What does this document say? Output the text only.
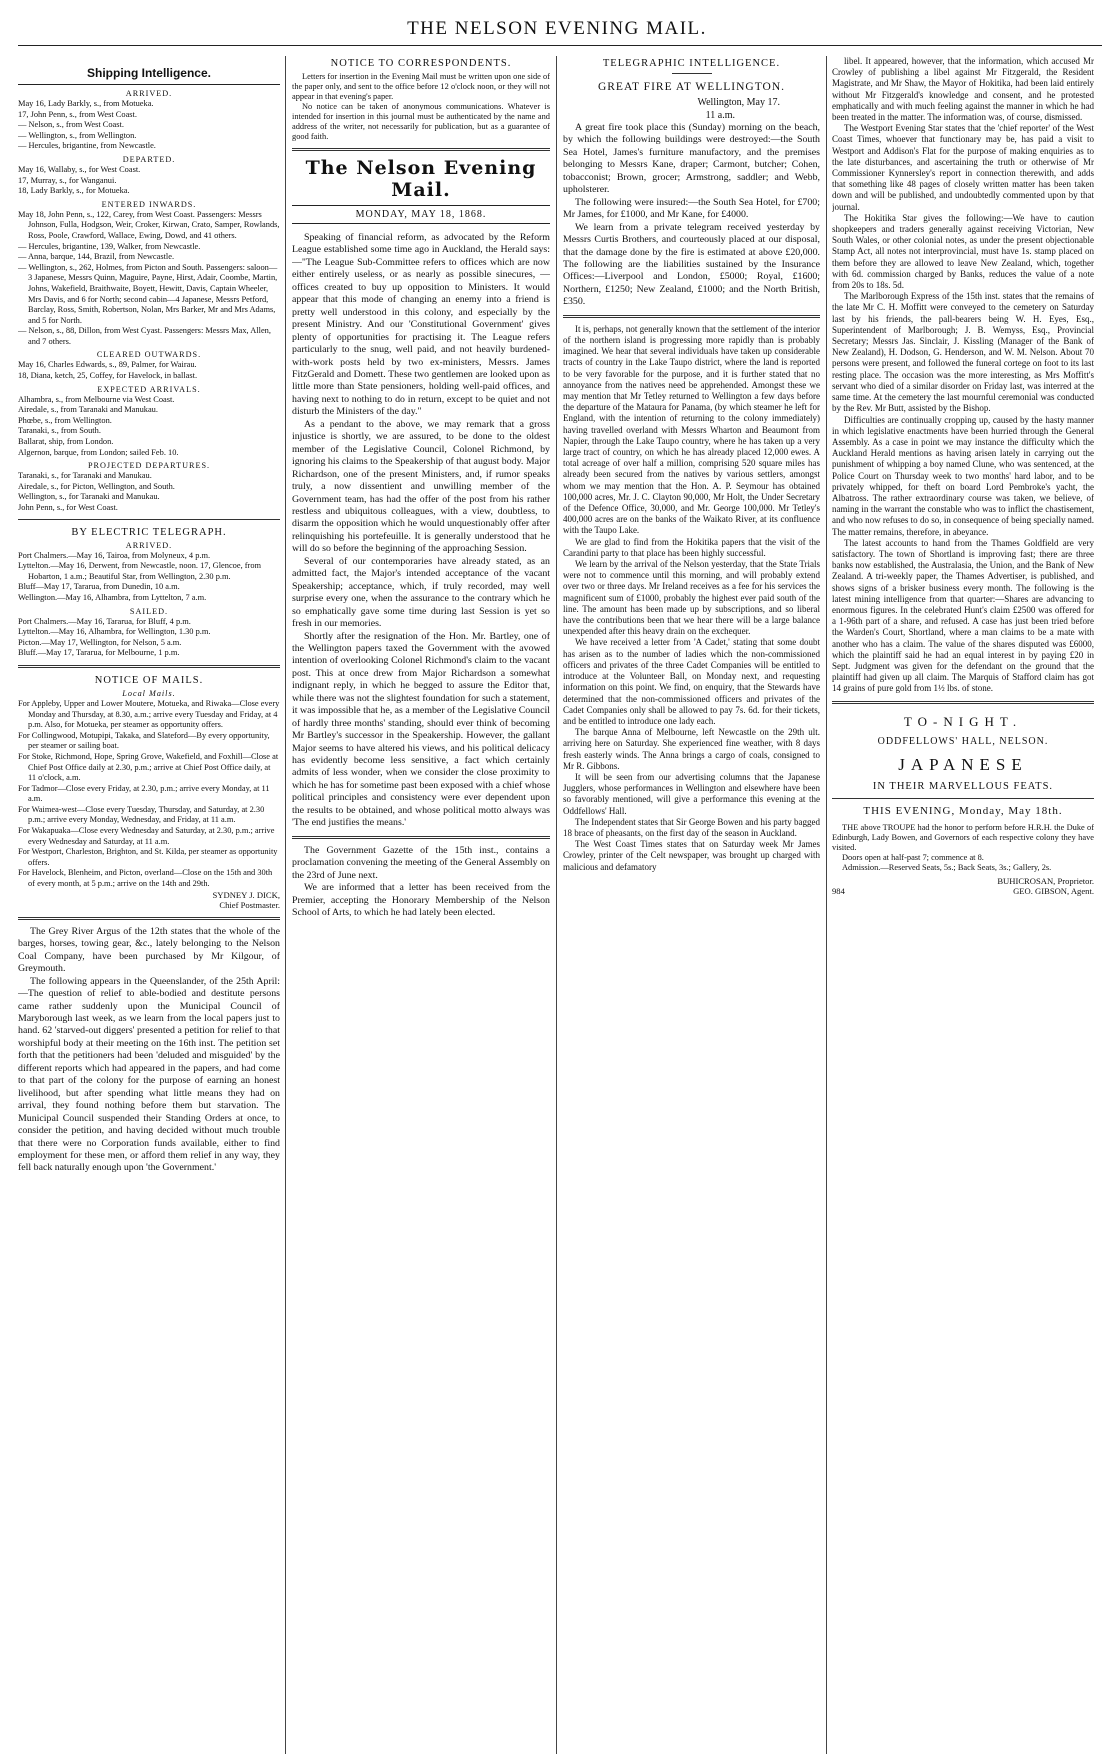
THE NELSON EVENING MAIL.
Shipping Intelligence.
ARRIVED.
May 16, Lady Barkly, s., from Motueka.
17, John Penn, s., from West Coast.
— Nelson, s., from West Coast.
— Wellington, s., from Wellington.
— Hercules, brigantine, from Newcastle.
DEPARTED.
May 16, Wallaby, s., for West Coast.
17, Murray, s., for Wanganui.
18, Lady Barkly, s., for Motueka.
ENTERED INWARDS.
May 18, John Penn, s., 122, Carey, from West Coast. Passengers: Messrs Johnson, Fulla, Hodgson, Weir, Croker, Kirwan, Crato, Samper, Rowlands, Ross, Poole, Crawford, Wallace, Ewing, Dowd, and 41 others.
— Hercules, brigantine, 139, Walker, from Newcastle.
— Anna, barque, 144, Brazil, from Newcastle.
— Wellington, s., 262, Holmes, from Picton and South. Passengers: saloon—3 Japanese, Messrs Quinn, Maguire, Payne, Hirst, Adair, Coombe, Martin, Johns, Wakefield, Braithwaite, Boyett, Hewitt, Davis, Captain Wheeler, Mrs Davis, and 6 for North; second cabin—4 Japanese, Messrs Petford, Barclay, Ross, Smith, Robertson, Nolan, Mrs Barker, Mr and Mrs Adams, and 5 for North.
— Nelson, s., 88, Dillon, from West Cyast. Passengers: Messrs Max, Allen, and 7 others.
CLEARED OUTWARDS.
May 16, Charles Edwards, s., 89, Palmer, for Wairau.
18, Diana, ketch, 25, Coffey, for Havelock, in ballast.
EXPECTED ARRIVALS.
Alhambra, s., from Melbourne via West Coast.
Airedale, s., from Taranaki and Manukau.
Phœbe, s., from Wellington.
Taranaki, s., from South.
Ballarat, ship, from London.
Algernon, barque, from London; sailed Feb. 10.
PROJECTED DEPARTURES.
Taranaki, s., for Taranaki and Manukau.
Airedale, s., for Picton, Wellington, and South.
Wellington, s., for Taranaki and Manukau.
John Penn, s., for West Coast.
BY ELECTRIC TELEGRAPH.
ARRIVED.
Port Chalmers.—May 16, Tairoa, from Molyneux, 4 p.m.
Lyttelton.—May 16, Derwent, from Newcastle, noon. 17, Glencoe, from Hobarton, 1 a.m.; Beautiful Star, from Wellington, 2.30 p.m.
Bluff—May 17, Tararua, from Dunedin, 10 a.m.
Wellington.—May 16, Alhambra, from Lyttelton, 7 a.m.
SAILED.
Port Chalmers.—May 16, Tararua, for Bluff, 4 p.m.
Lyttelton.—May 16, Alhambra, for Wellington, 1.30 p.m.
Picton.—May 17, Wellington, for Nelson, 5 a.m.
Bluff.—May 17, Tararua, for Melbourne, 1 p.m.
NOTICE OF MAILS.
Local Mails.
For Appleby, Upper and Lower Moutere, Motueka, and Riwaka—Close every Monday and Thursday, at 8.30, a.m.; arrive every Tuesday and Friday, at 4 p.m. Also, for Motueka, per steamer as opportunity offers.
For Collingwood, Motupipi, Takaka, and Slateford—By every opportunity, per steamer or sailing boat.
For Stoke, Richmond, Hope, Spring Grove, Wakefield, and Foxhill—Close at Chief Post Office daily at 2.30, p.m.; arrive at Chief Post Office daily, at 11 o'clock, a.m.
For Tadmor—Close every Friday, at 2.30, p.m.; arrive every Monday, at 11 a.m.
For Waimea-west—Close every Tuesday, Thursday, and Saturday, at 2.30 p.m.; arrive every Monday, Wednesday, and Friday, at 11 a.m.
For Wakapuaka—Close every Wednesday and Saturday, at 2.30, p.m.; arrive every Wednesday and Saturday, at 11 a.m.
For Westport, Charleston, Brighton, and St. Kilda, per steamer as opportunity offers.
For Havelock, Blenheim, and Picton, overland—Close on the 15th and 30th of every month, at 5 p.m.; arrive on the 14th and 29th.
SYDNEY J. DICK,
Chief Postmaster.

The Grey River Argus of the 12th states that the whole of the barges, horses, towing gear, &c., lately belonging to the Nelson Coal Company, have been purchased by Mr Kilgour, of Greymouth.

The following appears in the Queenslander, of the 25th April:—The question of relief to able-bodied and destitute persons came rather suddenly upon the Municipal Council of Maryborough last week, as we learn from the local papers just to hand. 62 'starved-out diggers' presented a petition for relief to that worshipful body at their meeting on the 16th inst. The petition set forth that the petitioners had been 'deluded and misguided' by the different reports which had appeared in the papers, and had come to that part of the colony for the purpose of earning an honest livelihood, but after spending what little means they had on arrival, they found nothing before them but starvation. The Municipal Council suspended their Standing Orders at once, to consider the petition, and having decided without much trouble that there were no Corporation funds available, either to find employment for these men, or afford them relief in any way, they fell back naturally enough upon 'the Government.'

NOTICE TO CORRESPONDENTS.

Letters for insertion in the Evening Mail must be written upon one side of the paper only, and sent to the office before 12 o'clock noon, or they will not appear in that evening's paper.

No notice can be taken of anonymous communications. Whatever is intended for insertion in this journal must be authenticated by the name and address of the writer, not necessarily for publication, but as a guarantee of good faith.

The Nelson Evening Mail.
MONDAY, MAY 18, 1868.

Speaking of financial reform, as advocated by the Reform League established some time ago in Auckland, the Herald says:—"The League Sub-Committee refers to offices which are now either entirely useless, or as nearly as possible sinecures, —offices created to buy up opposition to Ministers. It would appear that this mode of changing an enemy into a friend is pretty well understood in this colony, and especially by the present Ministry. And our 'Constitutional Government' gives plenty of opportunities for practising it. The League refers particularly to the snug, well paid, and not heavily burdened-with-work posts held by two ex-ministers, Messrs. James FitzGerald and Domett. These two gentlemen are looked upon as little more than State pensioners, holding well-paid offices, and having next to nothing to do in return, except to be quiet and not disturb the Ministers of the day."

As a pendant to the above, we may remark that a gross injustice is shortly, we are assured, to be done to the oldest member of the Legislative Council, Colonel Richmond, by ignoring his claims to the Speakership of that august body. Major Richardson, one of the present Ministers, and, if rumor speaks truly, a now dissentient and unwilling member of the Government team, has had the offer of the post from his rather restless and ubiquitous colleagues, with a view, doubtless, to disarm the opposition which he would unquestionably offer after relinquishing his portefeuille. It is generally understood that he will do so before the beginning of the approaching Session.

Several of our contemporaries have already stated, as an admitted fact, the Major's intended acceptance of the vacant Speakership; acceptance, which, if truly recorded, may well surprise every one, when the assurance to the contrary which he so emphatically gave some time during last Session is yet so fresh in our memories.

Shortly after the resignation of the Hon. Mr. Bartley, one of the Wellington papers taxed the Government with the avowed intention of overlooking Colonel Richmond's claim to the vacant post. This at once drew from Major Richardson a somewhat indignant reply, in which he begged to assure the Editor that, while there was not the slightest foundation for such a statement, it was impossible that he, as a member of the Legislative Council of hardly three months' standing, should ever think of becoming Mr Bartley's successor in the Speakership. However, the gallant Major seems to have altered his views, and his political delicacy has evidently become less sensitive, a fact which certainly admits of less wonder, when we consider the close proximity to which he has for sometime past been exposed with a chief whose political principles and consistency were ever dependent upon the results to be obtained, and whose political motto always was 'The end justifies the means.'

The Government Gazette of the 15th inst., contains a proclamation convening the meeting of the General Assembly on the 23rd of June next.

We are informed that a letter has been received from the Premier, accepting the Honorary Membership of the Nelson School of Arts, to which he had lately been elected.

TELEGRAPHIC INTELLIGENCE.
GREAT FIRE AT WELLINGTON.
Wellington, May 17.
11 a.m.

A great fire took place this (Sunday) morning on the beach, by which the following buildings were destroyed:—the South Sea Hotel, James's furniture manufactory, and the premises belonging to Messrs Kane, draper; Carmont, butcher; Cohen, tobacconist; Brown, grocer; Armstrong, saddler; and Webb, upholsterer.

The following were insured:—the South Sea Hotel, for £700; Mr James, for £1000, and Mr Kane, for £4000.

We learn from a private telegram received yesterday by Messrs Curtis Brothers, and courteously placed at our disposal, that the damage done by the fire is estimated at above £20,000. The following are the liabilities sustained by the Insurance Offices:—Liverpool and London, £5000; Royal, £1600; Northern, £1250; New Zealand, £1000; and the North British, £350.

It is, perhaps, not generally known that the settlement of the interior of the northern island is progressing more rapidly than is probably imagined. We hear that several individuals have taken up considerable tracts of country in the Lake Taupo district, where the land is reported to be very favorable for the purpose, and it is further stated that no annoyance from the natives need be apprehended. Amongst these we may mention that Mr Tetley returned to Wellington a few days before the departure of the Mataura for Panama, (by which steamer he left for England, with the intention of returning to the colony immediately) having travelled overland with Messrs Wharton and Beaumont from Napier, through the Lake Taupo country, where he has taken up a very large tract of country, on which he has already placed 12,000 ewes. A total acreage of over half a million, comprising 520 square miles has already been secured from the natives by various settlers, amongst whom we may mention that the Hon. A. P. Seymour has obtained 100,000 acres, Mr. J. C. Clayton 90,000, Mr Holt, the Under Secretary of the Defence Office, 30,000, and Mr. George 100,000. Mr Tetley's 400,000 acres are on the banks of the Waikato River, at its confluence with the Taupo Lake.

We are glad to find from the Hokitika papers that the visit of the Carandini party to that place has been highly successful.

We learn by the arrival of the Nelson yesterday, that the State Trials were not to commence until this morning, and will probably extend over two or three days. Mr Ireland receives as a fee for his services the magnificent sum of £1000, probably the highest ever paid south of the line. The amount has been made up by subscriptions, and so liberal have the contributions been that we hear there will be a large balance unexpended after this heavy drain on the exchequer.

We have received a letter from 'A Cadet,' stating that some doubt has arisen as to the number of ladies which the non-commissioned officers and privates of the three Cadet Companies will be entitled to introduce at the Volunteer Ball, on Monday next, and requesting information on this point. We find, on enquiry, that the Stewards have determined that the non-commissioned officers and privates of the Cadet Companies only shall be allowed to pay 7s. 6d. for their tickets, and be entitled to introduce one lady each.

The barque Anna of Melbourne, left Newcastle on the 29th ult. arriving here on Saturday. She experienced fine weather, with 8 days fresh easterly winds. The Anna brings a cargo of coals, consigned to Mr R. Gibbons.

It will be seen from our advertising columns that the Japanese Jugglers, whose performances in Wellington and elsewhere have been so favorably mentioned, will give a performance this evening at the Oddfellows' Hall.

The Independent states that Sir George Bowen and his party bagged 18 brace of pheasants, on the first day of the season in Auckland.

The West Coast Times states that on Saturday week Mr James Crowley, printer of the Celt newspaper, was brought up charged with malicious and defamatory

libel. It appeared, however, that the information, which accused Mr Crowley of publishing a libel against Mr Fitzgerald, the Resident Magistrate, and Mr Shaw, the Mayor of Hokitika, had been laid entirely without Mr Fitzgerald's knowledge and consent, and he protested emphatically and with much feeling against the manner in which he had been treated in the matter. The information was, of course, dismissed.

The Westport Evening Star states that the 'chief reporter' of the West Coast Times, whoever that functionary may be, has paid a visit to Westport and Addison's Flat for the purpose of making enquiries as to the late disturbances, and ascertaining the truth or otherwise of Mr Commissioner Kynnersley's report in connection therewith, and adds that something like 48 pages of closely written matter has been taken down and will be published, and undoubtedly commented upon by that journal.

The Hokitika Star gives the following:—We have to caution shopkeepers and traders generally against receiving Victorian, New South Wales, or other colonial notes, as under the present objectionable Stamp Act, all notes not interprovincial, must have 1s. stamp placed on them before they are allowed to leave New Zealand, which, together with 6d. commission charged by Banks, reduces the value of a note from 20s to 18s. 5d.

The Marlborough Express of the 15th inst. states that the remains of the late Mr C. H. Moffitt were conveyed to the cemetery on Saturday last by his friends, the pall-bearers being W. H. Eyes, Esq., Superintendent of Marlborough; J. B. Wemyss, Esq., Provincial Secretary; Messrs Jas. Sinclair, J. Kissling (Manager of the Bank of New Zealand), H. Dodson, G. Henderson, and W. M. Nelson. About 70 persons were present, and followed the funeral cortege on foot to its last resting place. The occasion was the more interesting, as Mrs Moffitt's servant who died of a similar disorder on Friday last, was interred at the same time. At the cemetery the last mournful ceremonial was conducted by the Rev. Mr Butt, assisted by the Bishop.

Difficulties are continually cropping up, caused by the hasty manner in which legislative enactments have been hurried through the General Assembly. As a case in point we may instance the difficulty which the Auckland Herald mentions as having arisen lately in carrying out the punishment of whipping a boy named Clune, who was sentenced, at the Police Court on Thursday week to two months' hard labor, and to be privately whipped, for theft on board Lord Pembroke's yacht, the Albatross. The rather extraordinary course was taken, we believe, of naming in the warrant the constable who was to inflict the chastisement, and who now refuses to do so, in consequence of being specially named. The matter remains, therefore, in abeyance.

The latest accounts to hand from the Thames Goldfield are very satisfactory. The town of Shortland is improving fast; there are three banks now established, the Australasia, the Union, and the Bank of New Zealand. A tri-weekly paper, the Thames Advertiser, is published, and shows signs of a brisker business every month. The following is the latest mining intelligence from that quarter:—Shares are advancing to enormous figures. In the celebrated Hunt's claim £2500 was offered for a 1-96th part of a share, and refused. A case has just been tried before the Warden's Court, Shortland, where a man claims to be a mate with another who has a claim. The value of the shares disputed was £6000, which the plaintiff said he had an equal interest in by paying £20 in Sept. Judgment was given for the defendant on the ground that the plaintiff had given up all claim. The Marquis of Stafford claim has got 14 grains of pure gold from 1½ lbs. of stone.

TO-NIGHT.
ODDFELLOWS' HALL, NELSON.
JAPANESE
IN THEIR MARVELLOUS FEATS.
THIS EVENING, Monday, May 18th.

THE above TROUPE had the honor to perform before H.R.H. the Duke of Edinburgh, Lady Bowen, and Governors of each respective colony they have visited.

Doors open at half-past 7; commence at 8.

Admission.—Reserved Seats, 5s.; Back Seats, 3s.; Gallery, 2s.

BUHICROSAN, Proprietor.
984	GEO. GIBSON, Agent.
